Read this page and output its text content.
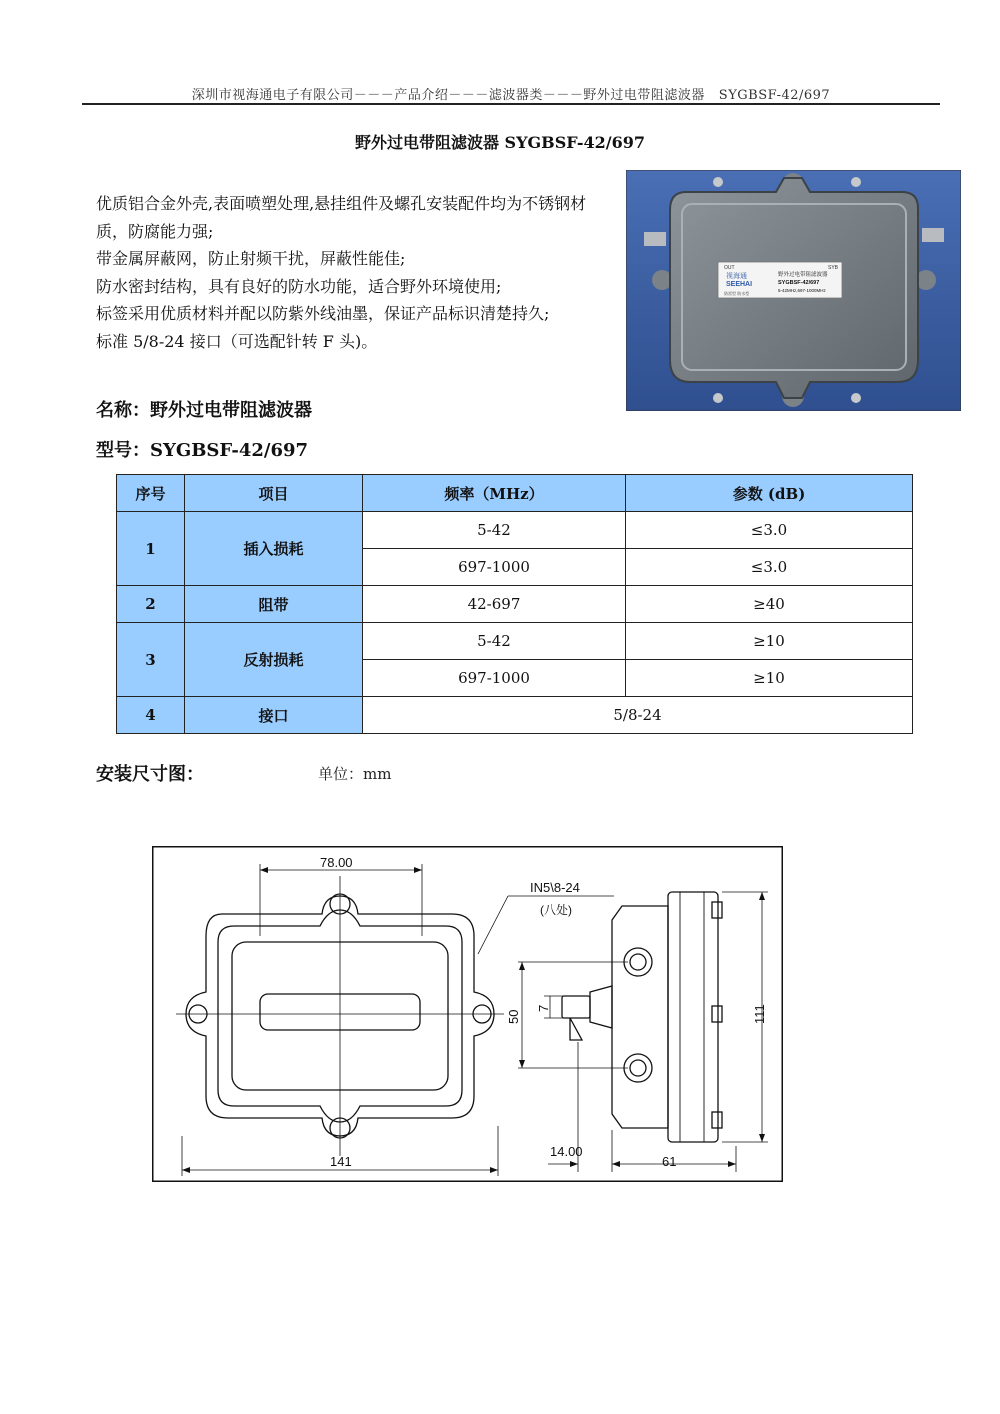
深圳市视海通电子有限公司－－－产品介绍－－－滤波器类－－－野外过电带阻滤波器 SYGBSF-42/697
野外过电带阻滤波器 SYGBSF-42/697

优质铝合金外壳,表面喷塑处理,悬挂组件及螺孔安装配件均为不锈钢材质，防腐能力强;

带金属屏蔽网，防止射频干扰，屏蔽性能佳;

防水密封结构，具有良好的防水功能，适合野外环境使用;

标签采用优质材料并配以防紫外线油墨，保证产品标识清楚持久;

标准 5/8-24 接口（可选配针转 F 头)。

OUT	SYB
视海通
SEEHAI
防雷型 防水型
野外过电带阻滤波器
SYGBSF-42/697
5-42MHz,697-1000MHz
名称：野外过电带阻滤波器
型号：SYGBSF-42/697
序号	项目	频率（MHz）	参数 (dB)
1	插入损耗	5-42	≤3.0
		697-1000	≤3.0
2	阻带	42-697	≥40
3	反射损耗	5-42	≥10
		697-1000	≥10
4	接口	5/8-24	
安装尺寸图：	单位：mm
78.00
141
IN5\8-24
(八处)
50
7	111
14.00
61
